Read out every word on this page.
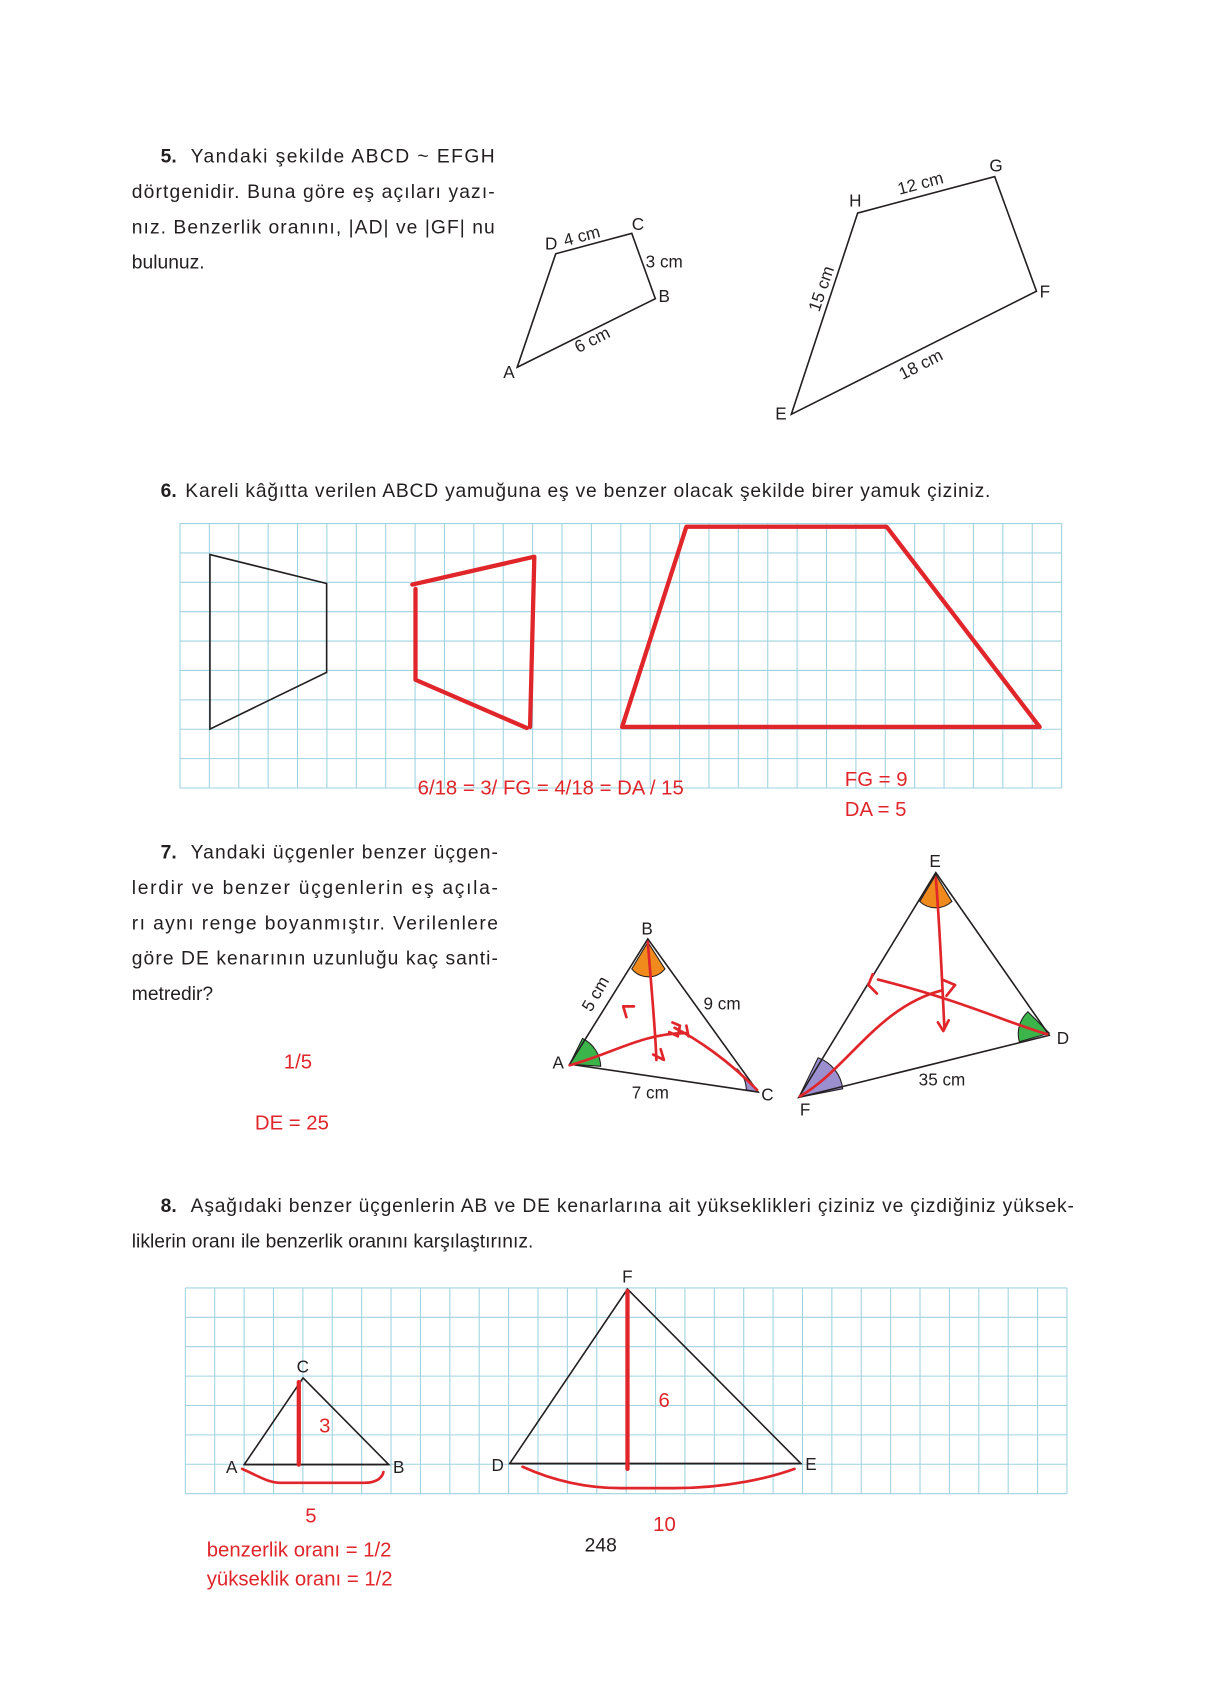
5. Yandaki şekilde ABCD ~ EFGH
dörtgenidir. Buna göre eş açıları yazı-
nız. Benzerlik oranını, |AD| ve |GF| nu
bulunuz.
A
B
C
D 4 cm
3 cm
6 cm
E
F
G
H
12 cm
15 cm
18 cm
6. Kareli kâğıtta verilen ABCD yamuğuna eş ve benzer olacak şekilde birer yamuk çiziniz.
6/18 = 3/ FG = 4/18 = DA / 15	FG = 9
DA = 5
7. Yandaki üçgenler benzer üçgen-
lerdir ve benzer üçgenlerin eş açıla-
rı aynı renge boyanmıştır. Verilenlere
göre DE kenarının uzunluğu kaç santi-
metredir?
1/5
DE = 25
A
B
C
5 cm	9 cm
7 cm
D
E
F
35 cm
8. Aşağıdaki benzer üçgenlerin AB ve DE kenarlarına ait yükseklikleri çiziniz ve çizdiğiniz yüksek-
liklerin oranı ile benzerlik oranını karşılaştırınız.
C
A	B
F
D	E
3
6
5	10
benzerlik oranı = 1/2
yükseklik oranı = 1/2
248
